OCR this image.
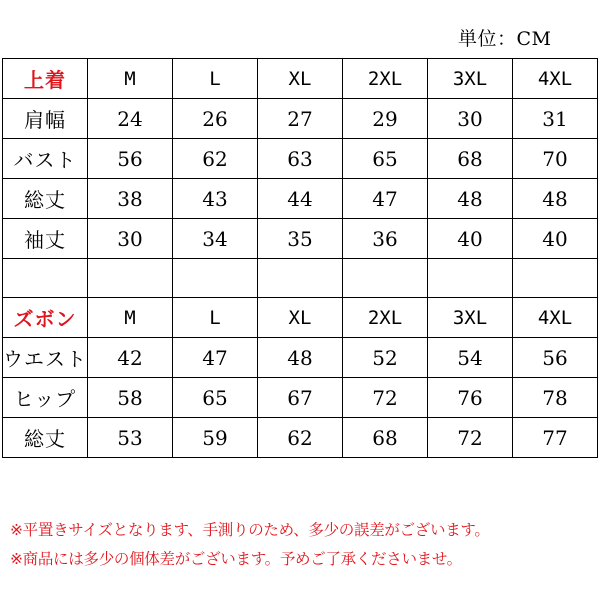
単位：CM
上着	M	L	XL	2XL	3XL	4XL
肩幅	24	26	27	29	30	31
バスト	56	62	63	65	68	70
総丈	38	43	44	47	48	48
袖丈	30	34	35	36	40	40

ズボン	M	L	XL	2XL	3XL	4XL
ウエスト	42	47	48	52	54	56
ヒップ	58	65	67	72	76	78
総丈	53	59	62	68	72	77
※平置きサイズとなります、手測りのため、多少の誤差がございます。
※商品には多少の個体差がございます。予めご了承くださいませ。
